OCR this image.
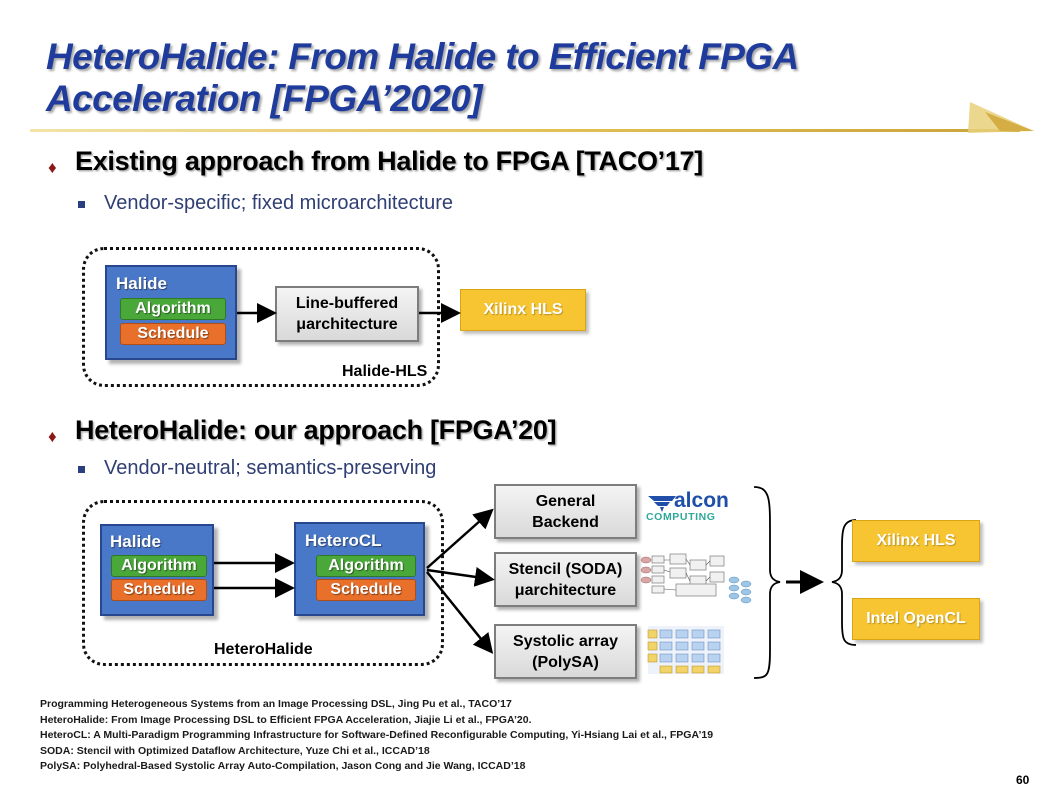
HeteroHalide: From Halide to Efficient FPGA Acceleration [FPGA’2020]
♦ Existing approach from Halide to FPGA [TACO’17]
Vendor-specific; fixed microarchitecture
Halide
Algorithm
Schedule
Line-buffered
μarchitecture
Xilinx HLS
Halide-HLS
♦ HeteroHalide: our approach [FPGA’20]
Vendor-neutral; semantics-preserving
Halide
Algorithm
Schedule
HeteroCL
Algorithm
Schedule
HeteroHalide
General
Backend
Stencil (SODA)
μarchitecture
Systolic array
(PolySA)
alcon
COMPUTING
Xilinx HLS
Intel OpenCL
Programming Heterogeneous Systems from an Image Processing DSL, Jing Pu et al., TACO’17
HeteroHalide: From Image Processing DSL to Efficient FPGA Acceleration, Jiajie Li et al., FPGA’20.
HeteroCL: A Multi-Paradigm Programming Infrastructure for Software-Defined Reconfigurable Computing, Yi-Hsiang Lai et al., FPGA’19
SODA: Stencil with Optimized Dataflow Architecture, Yuze Chi et al., ICCAD’18
PolySA: Polyhedral-Based Systolic Array Auto-Compilation, Jason Cong and Jie Wang, ICCAD’18
60
